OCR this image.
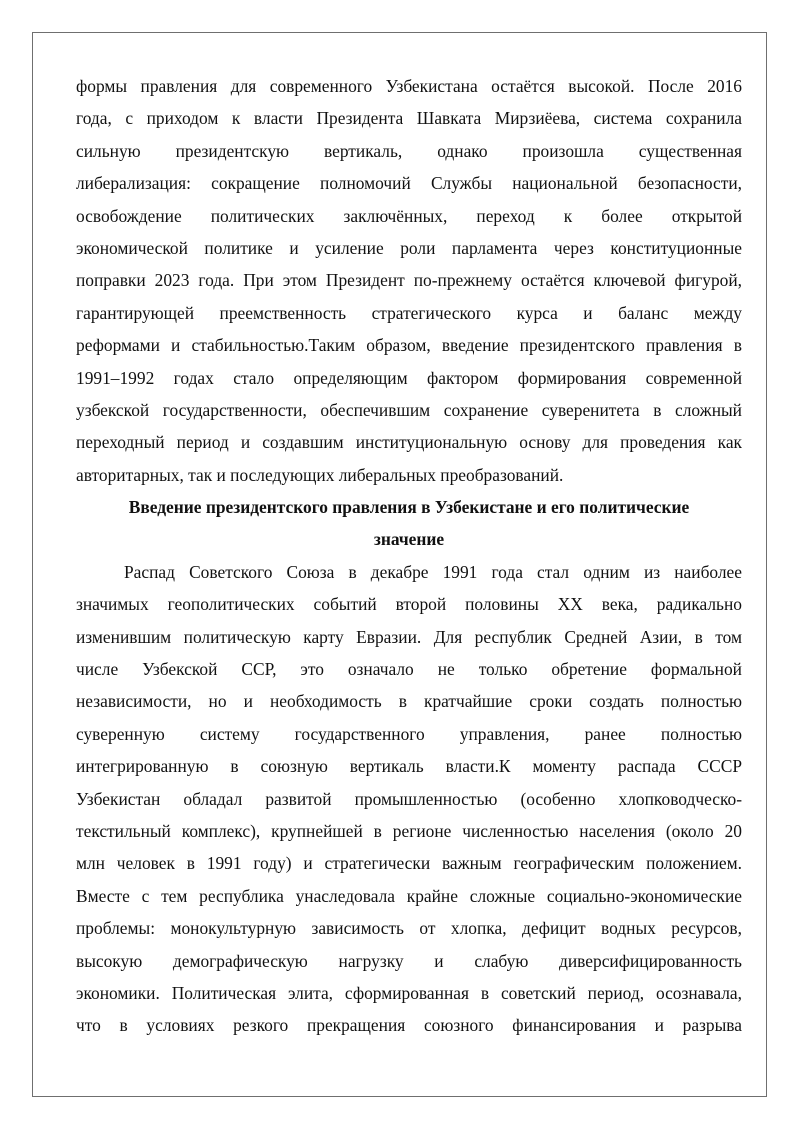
формы правления для современного Узбекистана остаётся высокой. После 2016
года, с приходом к власти Президента Шавката Мирзиёева, система сохранила
сильную президентскую вертикаль, однако произошла существенная
либерализация: сокращение полномочий Службы национальной безопасности,
освобождение политических заключённых, переход к более открытой
экономической политике и усиление роли парламента через конституционные
поправки 2023 года. При этом Президент по-прежнему остаётся ключевой фигурой,
гарантирующей преемственность стратегического курса и баланс между
реформами и стабильностью.Таким образом, введение президентского правления в
1991–1992 годах стало определяющим фактором формирования современной
узбекской государственности, обеспечившим сохранение суверенитета в сложный
переходный период и создавшим институциональную основу для проведения как
авторитарных, так и последующих либеральных преобразований.
Введение президентского правления в Узбекистане и его политические
значение
Распад Советского Союза в декабре 1991 года стал одним из наиболее
значимых геополитических событий второй половины XX века, радикально
изменившим политическую карту Евразии. Для республик Средней Азии, в том
числе Узбекской ССР, это означало не только обретение формальной
независимости, но и необходимость в кратчайшие сроки создать полностью
суверенную систему государственного управления, ранее полностью
интегрированную в союзную вертикаль власти.К моменту распада СССР
Узбекистан обладал развитой промышленностью (особенно хлопководческо-
текстильный комплекс), крупнейшей в регионе численностью населения (около 20
млн человек в 1991 году) и стратегически важным географическим положением.
Вместе с тем республика унаследовала крайне сложные социально-экономические
проблемы: монокультурную зависимость от хлопка, дефицит водных ресурсов,
высокую демографическую нагрузку и слабую диверсифицированность
экономики. Политическая элита, сформированная в советский период, осознавала,
что в условиях резкого прекращения союзного финансирования и разрыва
